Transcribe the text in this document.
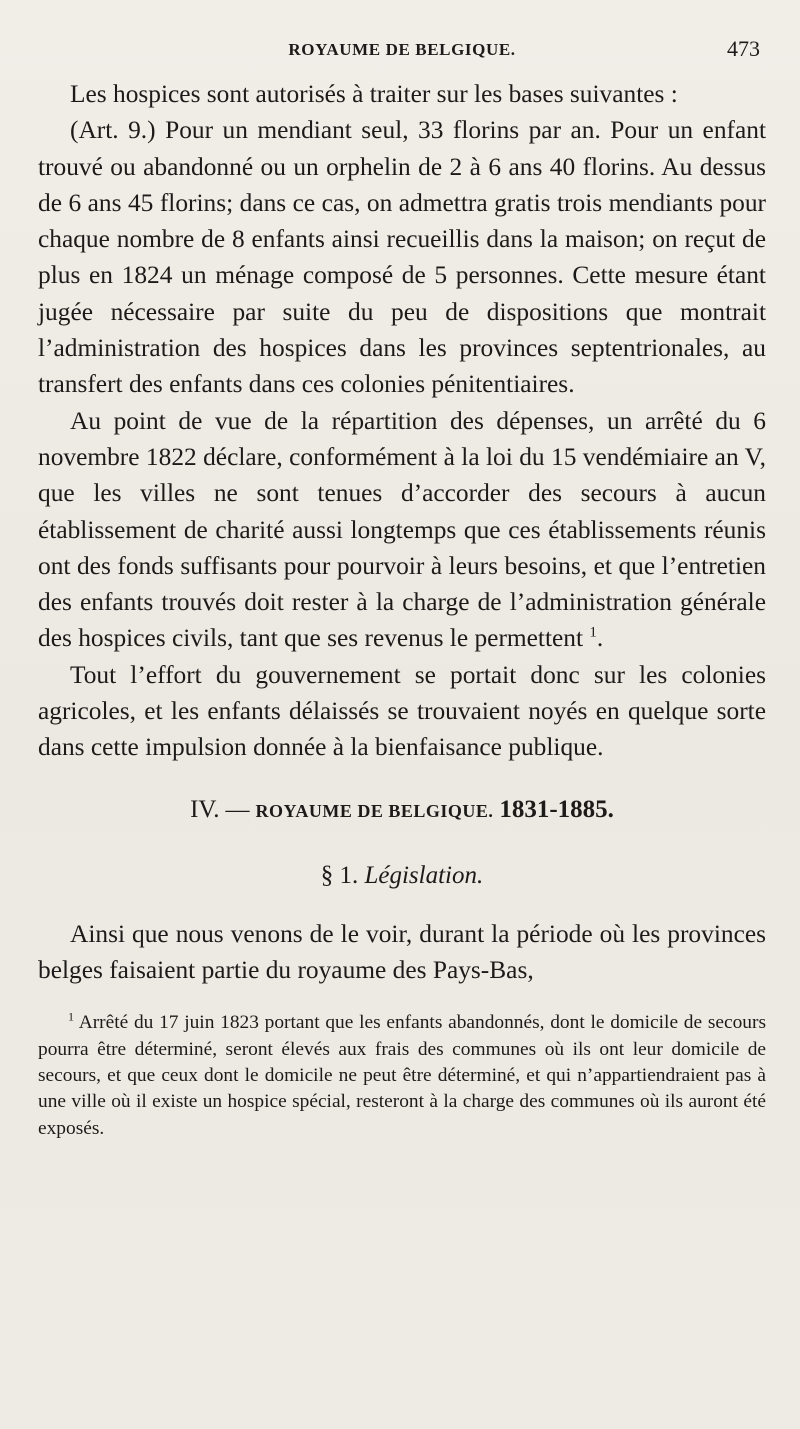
ROYAUME DE BELGIQUE.	473

Les hospices sont autorisés à traiter sur les bases suivantes :

(Art. 9.) Pour un mendiant seul, 33 florins par an. Pour un enfant trouvé ou abandonné ou un orphelin de 2 à 6 ans 40 florins. Au dessus de 6 ans 45 florins; dans ce cas, on admettra gratis trois mendiants pour chaque nombre de 8 enfants ainsi recueillis dans la maison; on reçut de plus en 1824 un ménage composé de 5 personnes. Cette mesure étant jugée nécessaire par suite du peu de dispositions que montrait l’administration des hospices dans les provinces septentrionales, au transfert des enfants dans ces colonies pénitentiaires.

Au point de vue de la répartition des dépenses, un arrêté du 6 novembre 1822 déclare, conformément à la loi du 15 vendémiaire an V, que les villes ne sont tenues d’accorder des secours à aucun établissement de charité aussi longtemps que ces établissements réunis ont des fonds suffisants pour pourvoir à leurs besoins, et que l’entretien des enfants trouvés doit rester à la charge de l’administration générale des hospices civils, tant que ses revenus le permettent $^1$.

Tout l’effort du gouvernement se portait donc sur les colonies agricoles, et les enfants délaissés se trouvaient noyés en quelque sorte dans cette impulsion donnée à la bienfaisance publique.

IV. — ROYAUME DE BELGIQUE. 1831-1885.
§ 1. Législation.

Ainsi que nous venons de le voir, durant la période où les provinces belges faisaient partie du royaume des Pays-Bas,

$^1$ Arrêté du 17 juin 1823 portant que les enfants abandonnés, dont le domicile de secours pourra être déterminé, seront élevés aux frais des communes où ils ont leur domicile de secours, et que ceux dont le domicile ne peut être déterminé, et qui n’appartiendraient pas à une ville où il existe un hospice spécial, resteront à la charge des communes où ils auront été exposés.
